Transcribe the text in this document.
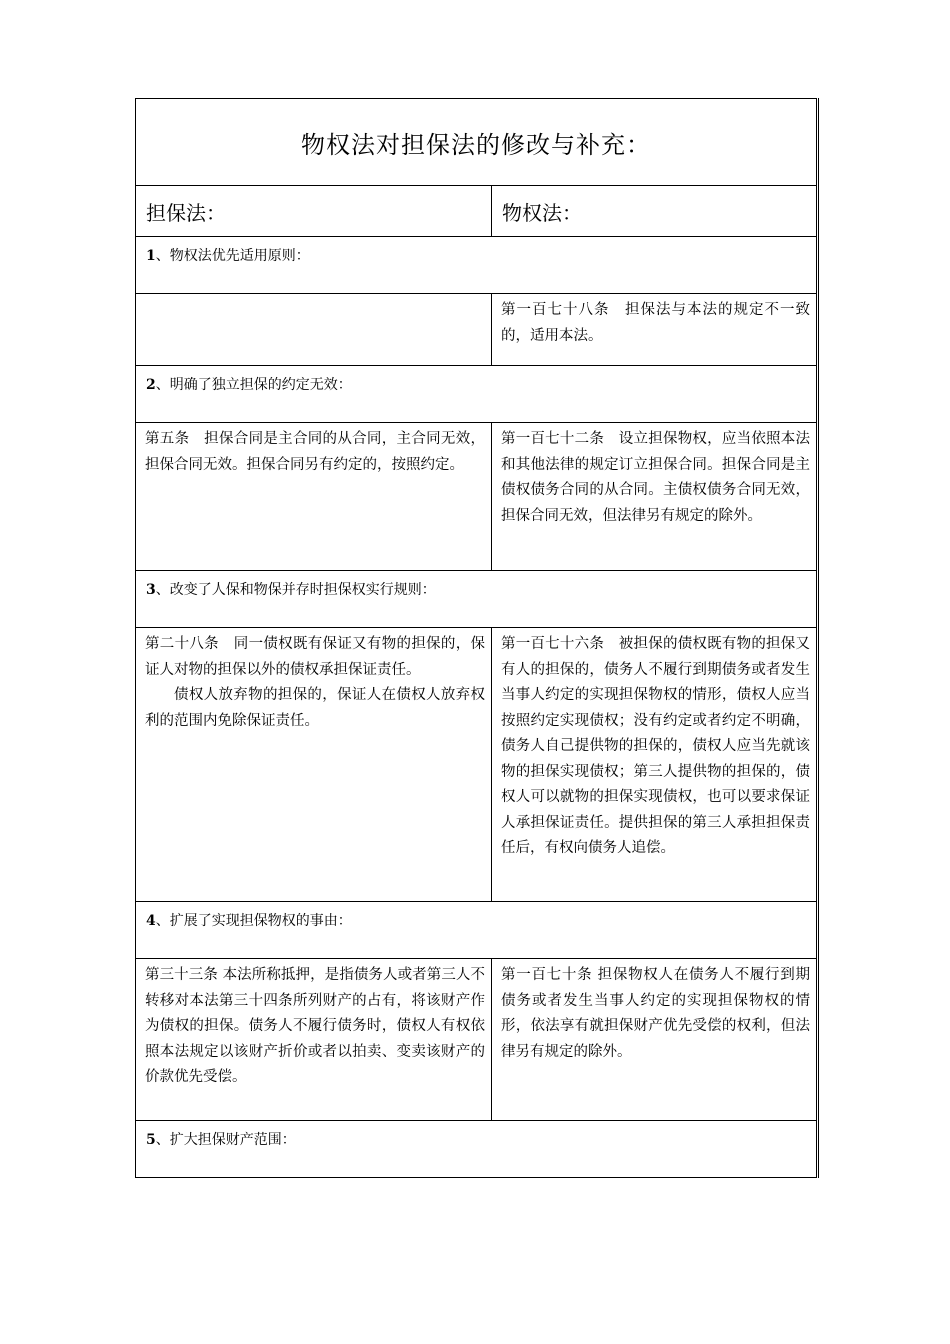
物权法对担保法的修改与补充：	
担保法：	物权法：
1、物权法优先适用原则：	

	第一百七十八条　担保法与本法的规定不一致的，适用本法。

2、明确了独立担保的约定无效：	

第五条　担保合同是主合同的从合同，主合同无效，担保合同无效。担保合同另有约定的，按照约定。	第一百七十二条　设立担保物权，应当依照本法和其他法律的规定订立担保合同。担保合同是主债权债务合同的从合同。主债权债务合同无效，担保合同无效，但法律另有规定的除外。

3、改变了人保和物保并存时担保权实行规则：	

第二十八条　同一债权既有保证又有物的担保的，保证人对物的担保以外的债权承担保证责任。

债权人放弃物的担保的，保证人在债权人放弃权利的范围内免除保证责任。	第一百七十六条　被担保的债权既有物的担保又有人的担保的，债务人不履行到期债务或者发生当事人约定的实现担保物权的情形，债权人应当按照约定实现债权；没有约定或者约定不明确，债务人自己提供物的担保的，债权人应当先就该物的担保实现债权；第三人提供物的担保的，债权人可以就物的担保实现债权，也可以要求保证人承担保证责任。提供担保的第三人承担担保责任后，有权向债务人追偿。

4、扩展了实现担保物权的事由：	

第三十三条 本法所称抵押，是指债务人或者第三人不转移对本法第三十四条所列财产的占有，将该财产作为债权的担保。债务人不履行债务时，债权人有权依照本法规定以该财产折价或者以拍卖、变卖该财产的价款优先受偿。	第一百七十条 担保物权人在债务人不履行到期债务或者发生当事人约定的实现担保物权的情形，依法享有就担保财产优先受偿的权利，但法律另有规定的除外。

5、扩大担保财产范围：	
